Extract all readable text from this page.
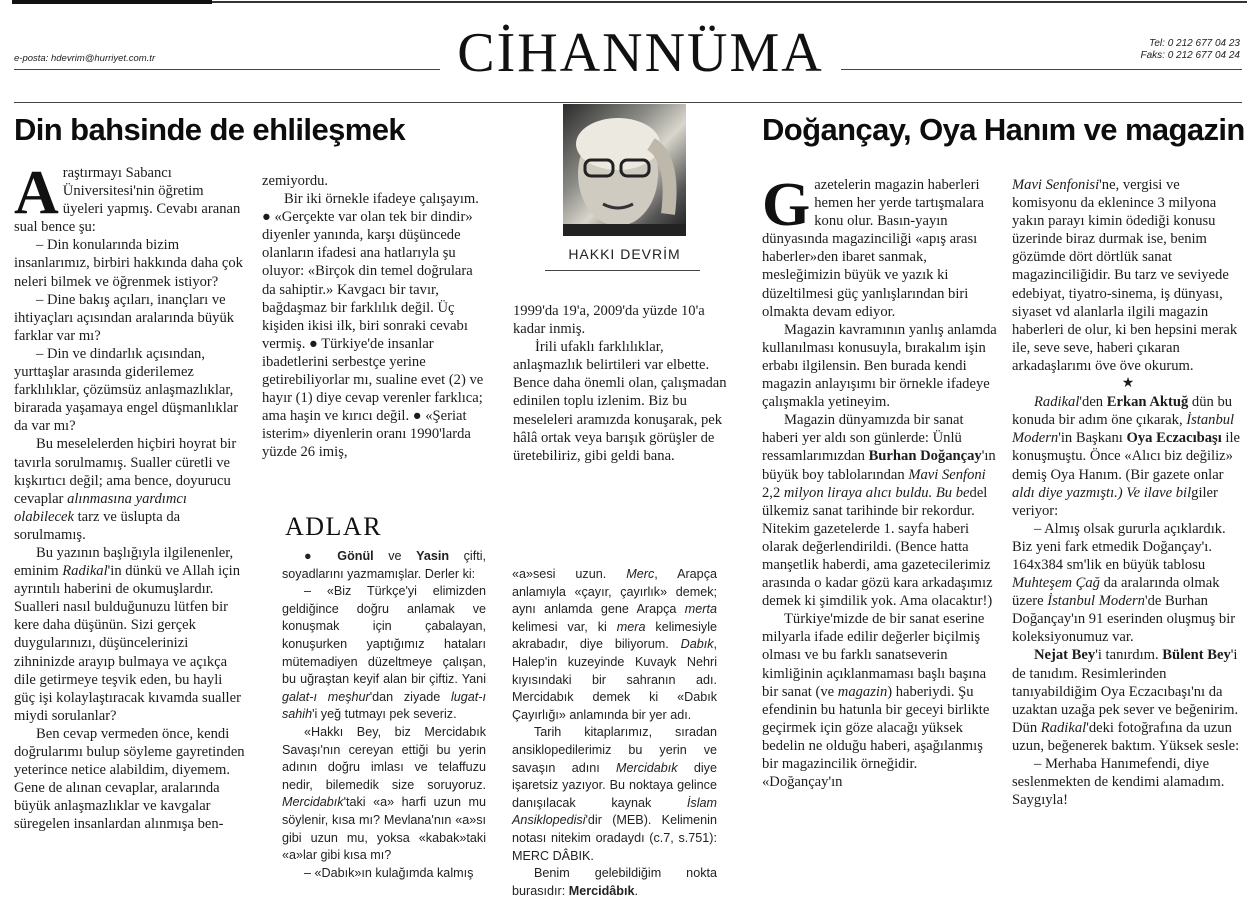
e-posta: hdevrim@hurriyet.com.tr
Tel: 0 212 677 04 23
Faks: 0 212 677 04 24
CİHANNÜMA
Din bahsinde de ehlileşmek

Araştırmayı Sabancı Üniversitesi'nin öğretim üyeleri yapmış. Cevabı aranan sual bence şu:

– Din konularında bizim insanlarımız, birbiri hakkında daha çok neleri bilmek ve öğrenmek istiyor?

– Dine bakış açıları, inançları ve ihtiyaçları açısından aralarında büyük farklar var mı?

– Din ve dindarlık açısından, yurttaşlar arasında giderilemez farklılıklar, çözümsüz anlaşmazlıklar, birarada yaşamaya engel düşmanlıklar da var mı?

Bu meselelerden hiçbiri hoyrat bir tavırla sorulmamış. Sualler cüretli ve kışkırtıcı değil; ama bence, doyurucu cevaplar alınmasına yardımcı olabilecek tarz ve üslupta da sorulmamış.

Bu yazının başlığıyla ilgilenenler, eminim Radikal'in dünkü ve Allah için ayrıntılı haberini de okumuşlardır. Sualleri nasıl bulduğunuzu lütfen bir kere daha düşünün. Sizi gerçek duygularınızı, düşüncelerinizi zihninizde arayıp bulmaya ve açıkça dile getirmeye teşvik eden, bu hayli güç işi kolaylaştıracak kıvamda sualler miydi sorulanlar?

Ben cevap vermeden önce, kendi doğrularımı bulup söyleme gayretinden yeterince netice alabildim, diyemem. Gene de alınan cevaplar, aralarında büyük anlaşmazlıklar ve kavgalar süregelen insanlardan alınmışa ben-

zemiyordu.

Bir iki örnekle ifadeye çalışayım. ● «Gerçekte var olan tek bir dindir» diyenler yanında, karşı düşüncede olanların ifadesi ana hatlarıyla şu oluyor: «Birçok din temel doğrulara da sahiptir.» Kavgacı bir tavır, bağdaşmaz bir farklılık değil. Üç kişiden ikisi ilk, biri sonraki cevabı vermiş. ● Türkiye'de insanlar ibadetlerini serbestçe yerine getirebiliyorlar mı, sualine evet (2) ve hayır (1) diye cevap verenler farklıca; ama haşin ve kırıcı değil. ● «Şeriat isterim» diyenlerin oranı 1990'larda yüzde 26 imiş,

HAKKI DEVRİM

1999'da 19'a, 2009'da yüzde 10'a kadar inmiş.

İrili ufaklı farklılıklar, anlaşmazlık belirtileri var elbette. Bence daha önemli olan, çalışmadan edinilen toplu izlenim. Biz bu meseleleri aramızda konuşarak, pek hâlâ ortak veya barışık görüşler de üretebiliriz, gibi geldi bana.

ADLAR

● Gönül ve Yasin çifti, soyadlarını yazmamışlar. Derler ki:

– «Biz Türkçe'yi elimizden geldiğince doğru anlamak ve konuşmak için çabalayan, konuşurken yaptığımız hataları mütemadiyen düzeltmeye çalışan, bu uğraştan keyif alan bir çiftiz. Yani galat-ı meşhur'dan ziyade lugat-ı sahih'i yeğ tutmayı pek severiz.

«Hakkı Bey, biz Mercidabık Savaşı'nın cereyan ettiği bu yerin adının doğru imlası ve telaffuzu nedir, bilemedik size soruyoruz. Mercidabık'taki «a» harfi uzun mu söylenir, kısa mı? Mevlana'nın «a»sı gibi uzun mu, yoksa «kabak»taki «a»lar gibi kısa mı?

– «Dabık»ın kulağımda kalmış

«a»sesi uzun. Merc, Arapça anlamıyla «çayır, çayırlık» demek; aynı anlamda gene Arapça merta kelimesi var, ki mera kelimesiyle akrabadır, diye biliyorum. Dabık, Halep'in kuzeyinde Kuvayk Nehri kıyısındaki bir sahranın adı. Mercidabık demek ki «Dabık Çayırlığı» anlamında bir yer adı.

Tarih kitaplarımız, sıradan ansiklopedilerimiz bu yerin ve savaşın adını Mercidabık diye işaretsiz yazıyor. Bu noktaya gelince danışılacak kaynak İslam Ansiklopedisi'dir (MEB). Kelimenin notası nitekim oradaydı (c.7, s.751): MERC DÂBIK.

Benim gelebildiğim nokta burasıdır: Mercidâbık.

Doğançay, Oya Hanım ve magazin

Gazetelerin magazin haberleri hemen her yerde tartışmalara konu olur. Basın-yayın dünyasında magazinciliği «apış arası haberler»den ibaret sanmak, mesleğimizin büyük ve yazık ki düzeltilmesi güç yanlışlarından biri olmakta devam ediyor.

Magazin kavramının yanlış anlamda kullanılması konusuyla, bırakalım işin erbabı ilgilensin. Ben burada kendi magazin anlayışımı bir örnekle ifadeye çalışmakla yetineyim.

Magazin dünyamızda bir sanat haberi yer aldı son günlerde: Ünlü ressamlarımızdan Burhan Doğançay'ın büyük boy tablolarından Mavi Senfoni 2,2 milyon liraya alıcı buldu. Bu bedel ülkemiz sanat tarihinde bir rekordur. Nitekim gazetelerde 1. sayfa haberi olarak değerlendirildi. (Bence hatta manşetlik haberdi, ama gazetecilerimiz arasında o kadar gözü kara arkadaşımız demek ki şimdilik yok. Ama olacaktır!)

Türkiye'mizde de bir sanat eserine milyarla ifade edilir değerler biçilmiş olması ve bu farklı sanatseverin kimliğinin açıklanmaması başlı başına bir sanat (ve magazin) haberiydi. Şu efendinin bu hatunla bir geceyi birlikte geçirmek için göze alacağı yüksek bedelin ne olduğu haberi, aşağılanmış bir magazincilik örneğidir. «Doğançay'ın

Mavi Senfonisi'ne, vergisi ve komisyonu da eklenince 3 milyona yakın parayı kimin ödediği konusu üzerinde biraz durmak ise, benim gözümde dört dörtlük sanat magazinciliğidir. Bu tarz ve seviyede edebiyat, tiyatro-sinema, iş dünyası, siyaset vd alanlarla ilgili magazin haberleri de olur, ki ben hepsini merak ile, seve seve, haberi çıkaran arkadaşlarımı öve öve okurum.

★

Radikal'den Erkan Aktuğ dün bu konuda bir adım öne çıkarak, İstanbul Modern'in Başkanı Oya Eczacıbaşı ile konuşmuştu. Önce «Alıcı biz değiliz» demiş Oya Hanım. (Bir gazete onlar aldı diye yazmıştı.) Ve ilave bilgiler veriyor:

– Almış olsak gururla açıklardık. Biz yeni fark etmedik Doğançay'ı. 164x384 sm'lik en büyük tablosu Muhteşem Çağ da aralarında olmak üzere İstanbul Modern'de Burhan Doğançay'ın 91 eserinden oluşmuş bir koleksiyonumuz var.

Nejat Bey'i tanırdım. Bülent Bey'i de tanıdım. Resimlerinden tanıyabildiğim Oya Eczacıbaşı'nı da uzaktan uzağa pek sever ve beğenirim. Dün Radikal'deki fotoğrafına da uzun uzun, beğenerek baktım. Yüksek sesle:

– Merhaba Hanımefendi, diye seslenmekten de kendimi alamadım. Saygıyla!
